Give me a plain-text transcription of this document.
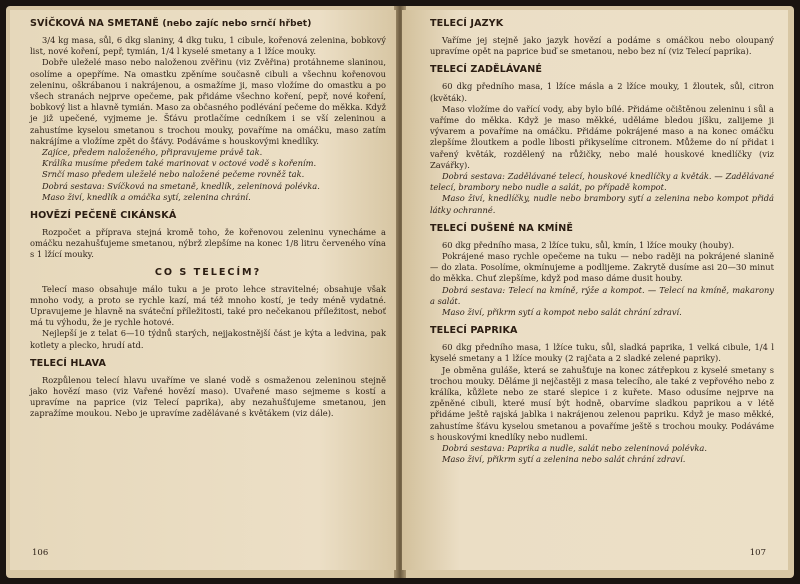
SVÍČKOVÁ NA SMETANĚ (nebo zajíc nebo srnčí hřbet)

3/4 kg masa, sůl, 6 dkg slaniny, 4 dkg tuku, 1 cibule, kořenová zelenina, bobkový list, nové koření, pepř, tymián, 1/4 l kyselé smetany a 1 lžíce mouky.

Dobře uleželé maso nebo naloženou zvěřinu (viz Zvěřina) protáhneme slaninou, osolíme a opepříme. Na omastku zpěníme současně cibuli a všechnu kořenovou zeleninu, oškrábanou i nakrájenou, a osmažíme ji, maso vložíme do omastku a po všech stranách nejprve opečeme, pak přidáme všechno koření, pepř, nové koření, bobkový list a hlavně tymián. Maso za občasného podlévání pečeme do měkka. Když je již upečené, vyjmeme je. Šťávu protlačíme cedníkem i se vší zeleninou a zahustíme kyselou smetanou s trochou mouky, povaříme na omáčku, maso zatím nakrájíme a vložíme zpět do šťávy. Podáváme s houskovými knedlíky.

Zajíce, předem naloženého, připravujeme právě tak.

Králíka musíme předem také marinovat v octové vodě s kořením.

Srnčí maso předem uleželé nebo naložené pečeme rovněž tak.

Dobrá sestava: Svíčková na smetaně, knedlík, zeleninová polévka.

Maso živí, knedlík a omáčka sytí, zelenina chrání.

HOVĚZÍ PEČENĚ CIKÁNSKÁ

Rozpočet a příprava stejná kromě toho, že kořenovou zeleninu vynecháme a omáčku nezahušťujeme smetanou, nýbrž zlepšíme na konec 1/8 litru červeného vína s 1 lžící mouky.

CO S TELECÍM?

Telecí maso obsahuje málo tuku a je proto lehce stravitelné; obsahuje však mnoho vody, a proto se rychle kazí, má též mnoho kostí, je tedy méně vydatné. Upravujeme je hlavně na sváteční příležitosti, také pro nečekanou příležitost, neboť má tu výhodu, že je rychle hotové.

Nejlepší je z telat 6—10 týdnů starých, nejjakostnější část je kýta a ledvina, pak kotlety a plecko, hrudí atd.

TELECÍ HLAVA

Rozpůlenou telecí hlavu uvaříme ve slané vodě s osmaženou zeleninou stejně jako hovězí maso (viz Vařené hovězí maso). Uvařené maso sejmeme s kostí a upravíme na paprice (viz Telecí paprika), aby nezahušťujeme smetanou, jen zapražíme moukou. Nebo je upravíme zadělávané s květákem (viz dále).

106
TELECÍ JAZYK

Vaříme jej stejně jako jazyk hovězí a podáme s omáčkou nebo oloupaný upravíme opět na paprice buď se smetanou, nebo bez ní (viz Telecí paprika).

TELECÍ ZADĚLÁVANÉ

60 dkg předního masa, 1 lžíce másla a 2 lžíce mouky, 1 žloutek, sůl, citron (květák).

Maso vložíme do vařící vody, aby bylo bílé. Přidáme očištěnou zeleninu i sůl a vaříme do měkka. Když je maso měkké, uděláme bledou jíšku, zalijeme ji vývarem a povaříme na omáčku. Přidáme pokrájené maso a na konec omáčku zlepšíme žloutkem a podle libosti přikyselíme citronem. Můžeme do ní přidat i vařený květák, rozdělený na růžičky, nebo malé houskové knedlíčky (viz Zavářky).

Dobrá sestava: Zadělávané telecí, houskové knedlíčky a květák. — Zadělávané telecí, brambory nebo nudle a salát, po případě kompot.

Maso živí, knedlíčky, nudle nebo brambory sytí a zelenina nebo kompot přidá látky ochranné.

TELECÍ DUŠENÉ NA KMÍNĚ

60 dkg předního masa, 2 lžíce tuku, sůl, kmín, 1 lžíce mouky (houby).

Pokrájené maso rychle opečeme na tuku — nebo raději na pokrájené slanině — do zlata. Posolíme, okmínujeme a podlijeme. Zakrytě dusíme asi 20—30 minut do měkka. Chuť zlepšíme, když pod maso dáme dusit houby.

Dobrá sestava: Telecí na kmíně, rýže a kompot. — Telecí na kmíně, makarony a salát.

Maso živí, přikrm sytí a kompot nebo salát chrání zdraví.

TELECÍ PAPRIKA

60 dkg předního masa, 1 lžíce tuku, sůl, sladká paprika, 1 velká cibule, 1/4 l kyselé smetany a 1 lžíce mouky (2 rajčata a 2 sladké zelené papriky).

Je obměna guláše, která se zahušťuje na konec zátřepkou z kyselé smetany s trochou mouky. Děláme ji nejčastěji z masa telecího, ale také z vepřového nebo z králíka, kůžlete nebo ze staré slepice i z kuřete. Maso odusíme nejprve na zpěněné cibuli, které musí být hodně, obarvíme sladkou paprikou a v létě přidáme ještě rajská jablka i nakrájenou zelenou papriku. Když je maso měkké, zahustíme šťávu kyselou smetanou a povaříme ještě s trochou mouky. Podáváme s houskovými knedlíky nebo nudlemi.

Dobrá sestava: Paprika a nudle, salát nebo zeleninová polévka.

Maso živí, přikrm sytí a zelenina nebo salát chrání zdraví.

107
